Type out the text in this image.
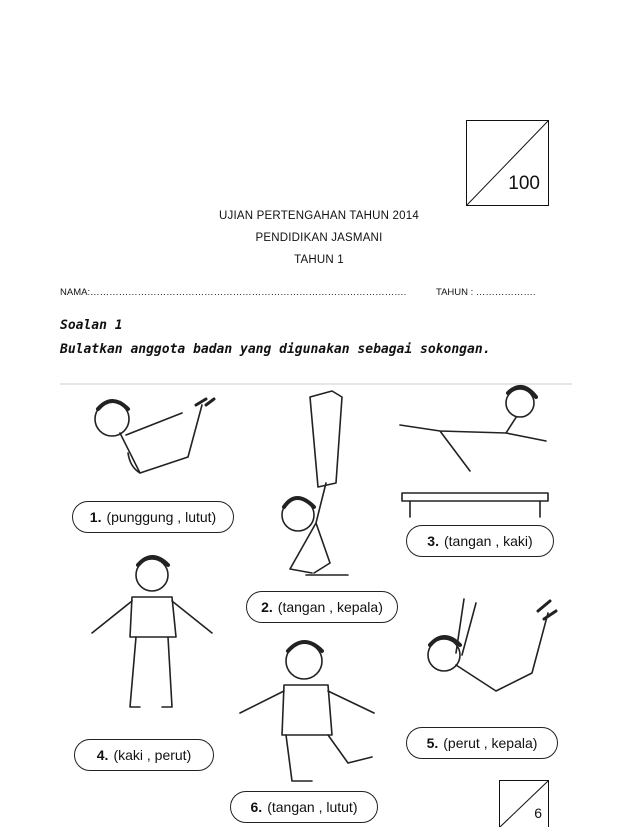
100
UJIAN PERTENGAHAN TAHUN 2014
PENDIDIKAN JASMANI
TAHUN 1
NAMA:……………………………………………………………………………………….	TAHUN : ……………….
Soalan 1
Bulatkan anggota badan yang digunakan sebagai sokongan.
1. (punggung , lutut)
2. (tangan , kepala)
3. (tangan , kaki)
4. (kaki , perut)
5. (perut , kepala)
6. (tangan , lutut)	6
